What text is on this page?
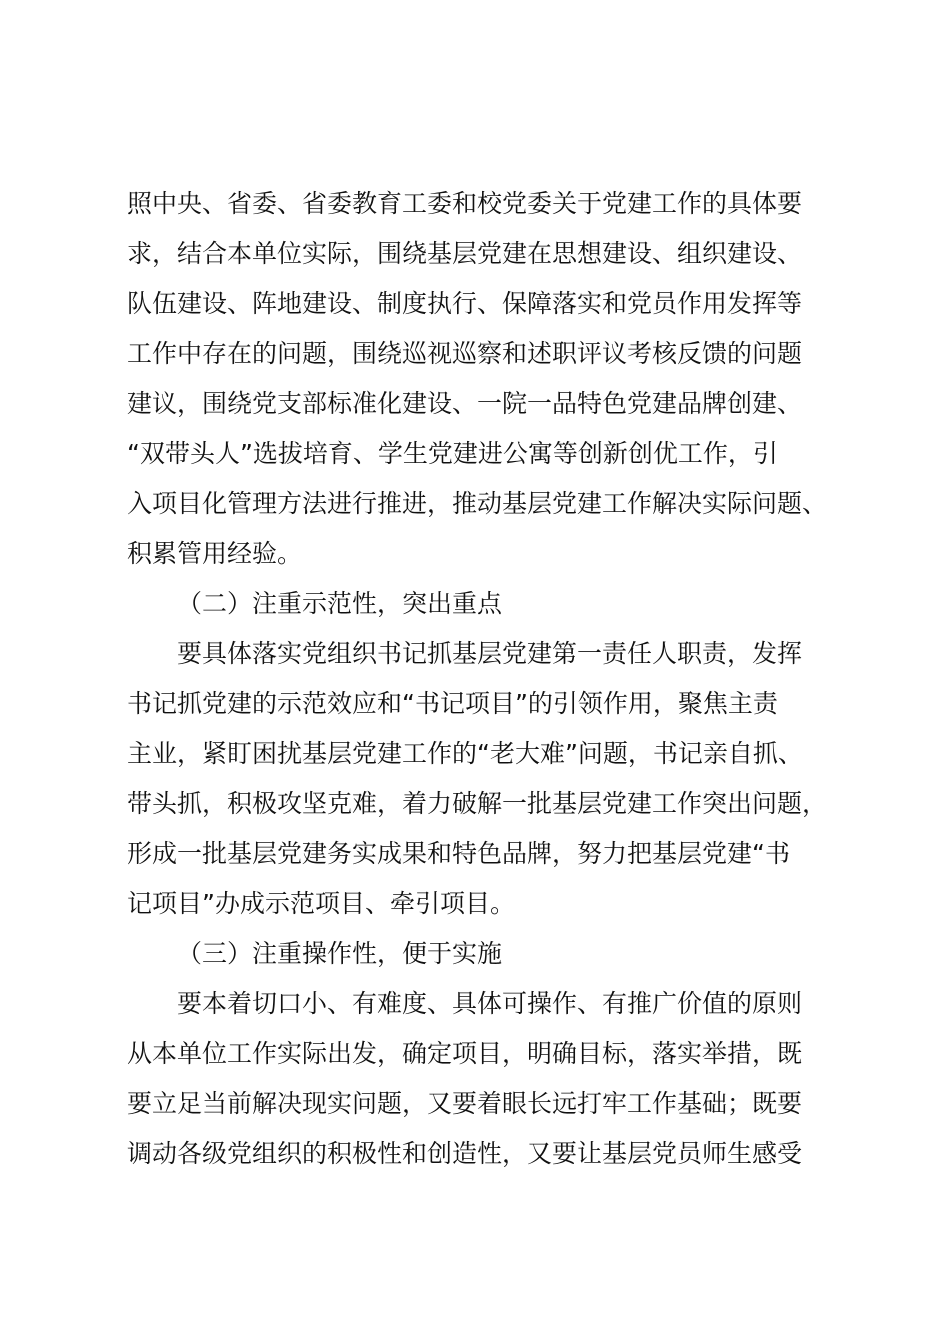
照中央、省委、省委教育工委和校党委关于党建工作的具体要
求，结合本单位实际，围绕基层党建在思想建设、组织建设、
队伍建设、阵地建设、制度执行、保障落实和党员作用发挥等
工作中存在的问题，围绕巡视巡察和述职评议考核反馈的问题
建议，围绕党支部标准化建设、一院一品特色党建品牌创建、
“双带头人”选拔培育、学生党建进公寓等创新创优工作，引
入项目化管理方法进行推进，推动基层党建工作解决实际问题、
积累管用经验。
（二）注重示范性，突出重点
要具体落实党组织书记抓基层党建第一责任人职责，发挥
书记抓党建的示范效应和“书记项目”的引领作用，聚焦主责
主业，紧盯困扰基层党建工作的“老大难”问题，书记亲自抓、
带头抓，积极攻坚克难，着力破解一批基层党建工作突出问题，
形成一批基层党建务实成果和特色品牌，努力把基层党建“书
记项目”办成示范项目、牵引项目。
（三）注重操作性，便于实施
要本着切口小、有难度、具体可操作、有推广价值的原则
从本单位工作实际出发，确定项目，明确目标，落实举措，既
要立足当前解决现实问题，又要着眼长远打牢工作基础；既要
调动各级党组织的积极性和创造性，又要让基层党员师生感受
